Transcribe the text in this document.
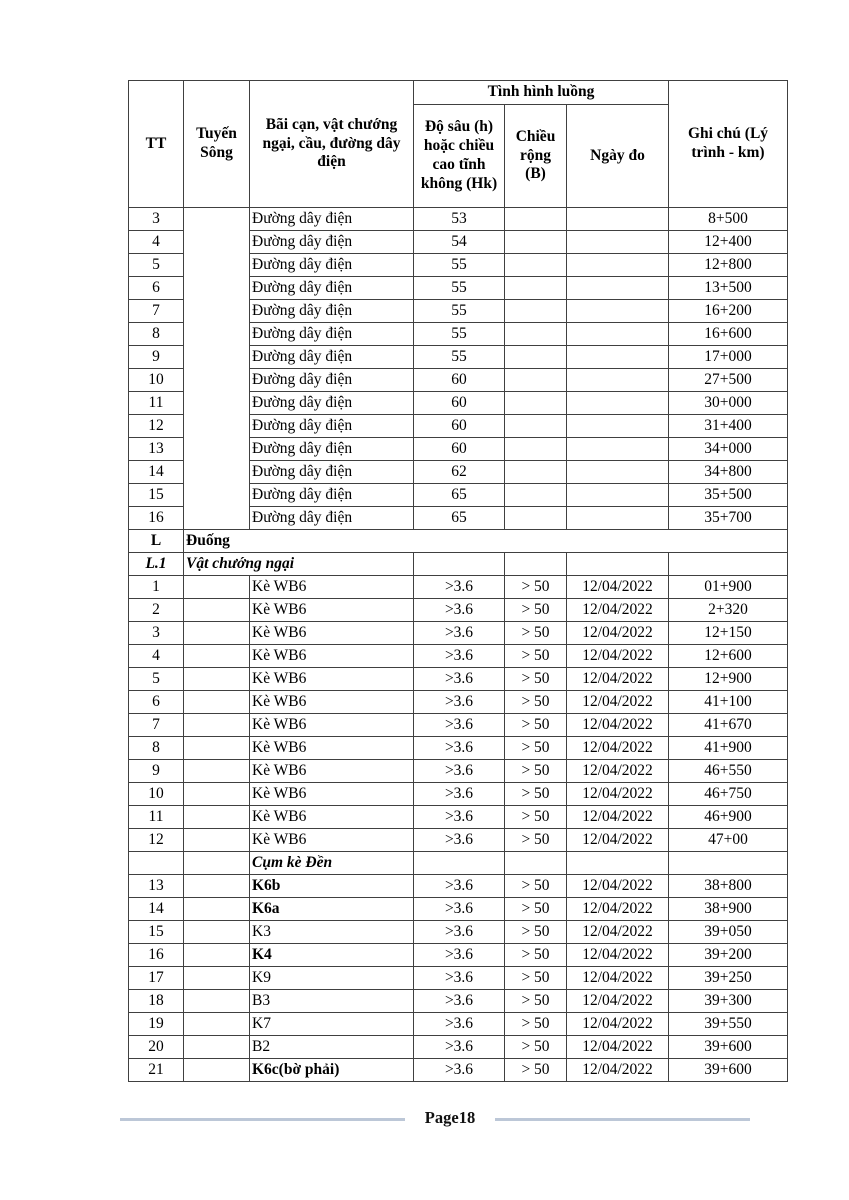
TT	Tuyến Sông	Bãi cạn, vật chướng ngại, cầu, đường dây điện	Tình hình luồng			Ghi chú (Lý trình - km)
			Độ sâu (h) hoặc chiều cao tĩnh không (Hk)	Chiều rộng (B)	Ngày đo	
3		Đường dây điện	53			8+500
4		Đường dây điện	54			12+400
5		Đường dây điện	55			12+800
6		Đường dây điện	55			13+500
7		Đường dây điện	55			16+200
8		Đường dây điện	55			16+600
9		Đường dây điện	55			17+000
10		Đường dây điện	60			27+500
11		Đường dây điện	60			30+000
12		Đường dây điện	60			31+400
13		Đường dây điện	60			34+000
14		Đường dây điện	62			34+800
15		Đường dây điện	65			35+500
16		Đường dây điện	65			35+700
L	Đuống					
L.1	Vật chướng ngại					
1		Kè WB6	>3.6	> 50	12/04/2022	01+900
2		Kè WB6	>3.6	> 50	12/04/2022	2+320
3		Kè WB6	>3.6	> 50	12/04/2022	12+150
4		Kè WB6	>3.6	> 50	12/04/2022	12+600
5		Kè WB6	>3.6	> 50	12/04/2022	12+900
6		Kè WB6	>3.6	> 50	12/04/2022	41+100
7		Kè WB6	>3.6	> 50	12/04/2022	41+670
8		Kè WB6	>3.6	> 50	12/04/2022	41+900
9		Kè WB6	>3.6	> 50	12/04/2022	46+550
10		Kè WB6	>3.6	> 50	12/04/2022	46+750
11		Kè WB6	>3.6	> 50	12/04/2022	46+900
12		Kè WB6	>3.6	> 50	12/04/2022	47+00
		Cụm kè Đền				
13		K6b	>3.6	> 50	12/04/2022	38+800
14		K6a	>3.6	> 50	12/04/2022	38+900
15		K3	>3.6	> 50	12/04/2022	39+050
16		K4	>3.6	> 50	12/04/2022	39+200
17		K9	>3.6	> 50	12/04/2022	39+250
18		B3	>3.6	> 50	12/04/2022	39+300
19		K7	>3.6	> 50	12/04/2022	39+550
20		B2	>3.6	> 50	12/04/2022	39+600
21		K6c(bờ phải)	>3.6	> 50	12/04/2022	39+600
Page18
